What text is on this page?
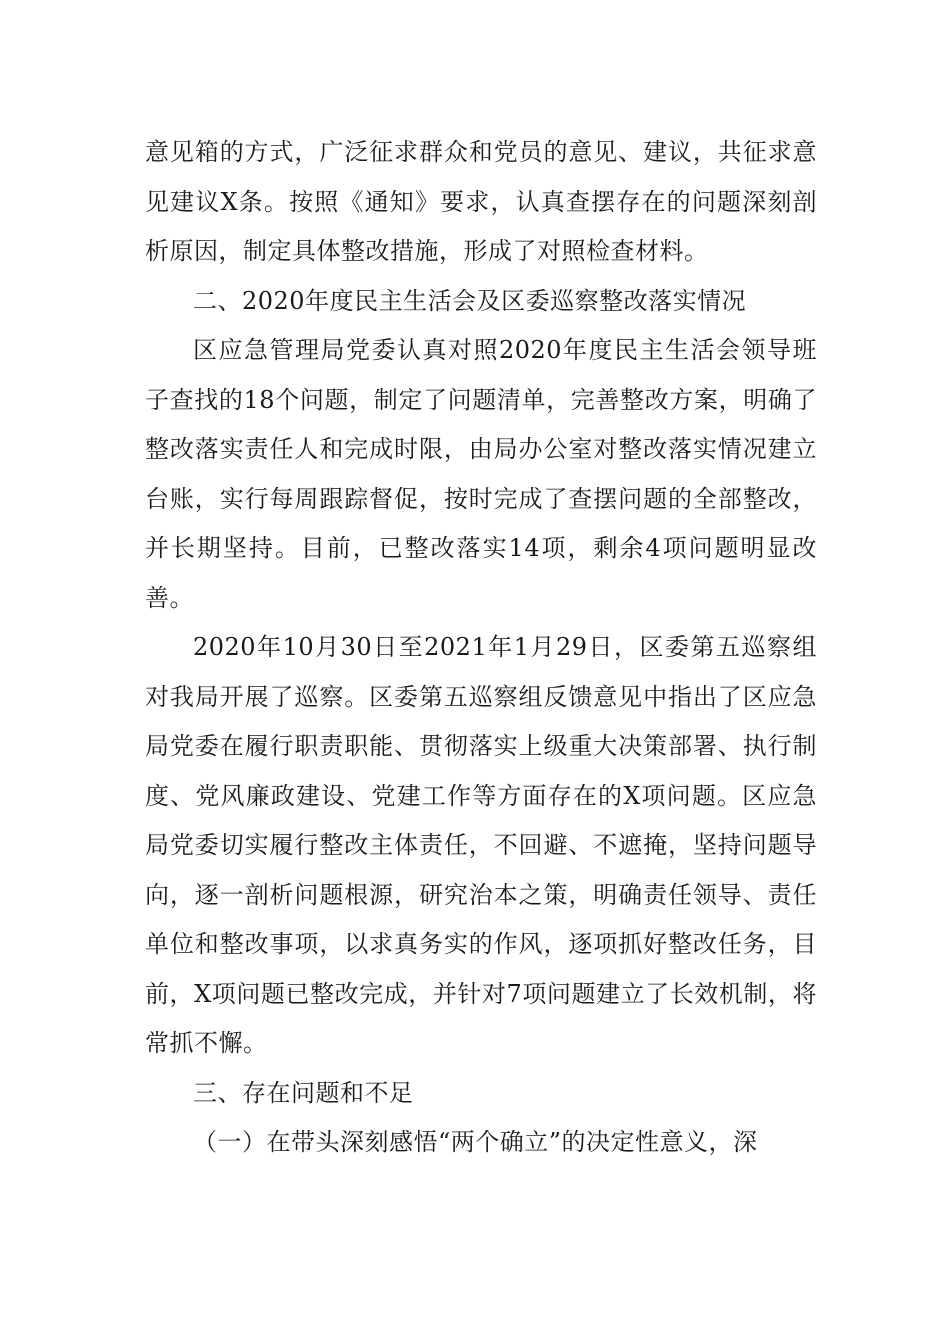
意见箱的方式，广泛征求群众和党员的意见、建议，共征求意见建议X条。按照《通知》要求，认真查摆存在的问题深刻剖析原因，制定具体整改措施，形成了对照检查材料。

二、2020年度民主生活会及区委巡察整改落实情况

区应急管理局党委认真对照2020年度民主生活会领导班子查找的18个问题，制定了问题清单，完善整改方案，明确了整改落实责任人和完成时限，由局办公室对整改落实情况建立台账，实行每周跟踪督促，按时完成了查摆问题的全部整改，并长期坚持。目前，已整改落实14项，剩余4项问题明显改善。

2020年10月30日至2021年1月29日，区委第五巡察组对我局开展了巡察。区委第五巡察组反馈意见中指出了区应急局党委在履行职责职能、贯彻落实上级重大决策部署、执行制度、党风廉政建设、党建工作等方面存在的X项问题。区应急局党委切实履行整改主体责任，不回避、不遮掩，坚持问题导向，逐一剖析问题根源，研究治本之策，明确责任领导、责任单位和整改事项，以求真务实的作风，逐项抓好整改任务，目前，X项问题已整改完成，并针对7项问题建立了长效机制，将常抓不懈。

三、存在问题和不足

（一）在带头深刻感悟“两个确立”的决定性意义，深
